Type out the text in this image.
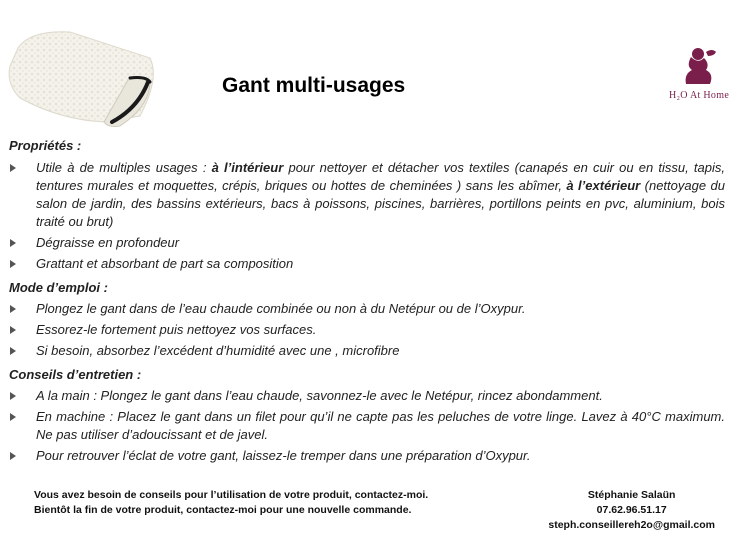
Gant multi-usages	H₂O At Home
Propriétés :
Utile à de multiples usages : à l’intérieur pour nettoyer et détacher vos textiles (canapés en cuir ou en tissu, tapis, tentures murales et moquettes, crépis, briques ou hottes de cheminées ) sans les abîmer, à l’extérieur (nettoyage du salon de jardin, des bassins extérieurs, bacs à poissons, piscines, barrières, portillons peints en pvc, aluminium, bois traité ou brut)
Dégraisse en profondeur
Grattant et absorbant de part sa composition
Mode d’emploi :
Plongez le gant dans de l’eau chaude combinée ou non à du Netépur ou de l’Oxypur.
Essorez-le fortement puis nettoyez vos surfaces.
Si besoin, absorbez l’excédent d’humidité avec une , microfibre
Conseils d’entretien :
A la main : Plongez le gant dans l’eau chaude, savonnez-le avec le Netépur, rincez abondamment.
En machine : Placez le gant dans un filet pour qu’il ne capte pas les peluches de votre linge. Lavez à 40°C maximum. Ne pas utiliser d’adoucissant et de javel.
Pour retrouver l’éclat de votre gant, laissez-le tremper dans une préparation d’Oxypur.
Vous avez besoin de conseils pour l’utilisation de votre produit, contactez-moi.
Bientôt la fin de votre produit, contactez-moi pour une nouvelle commande.
Stéphanie Salaün
07.62.96.51.17
steph.conseillereh2o@gmail.com
